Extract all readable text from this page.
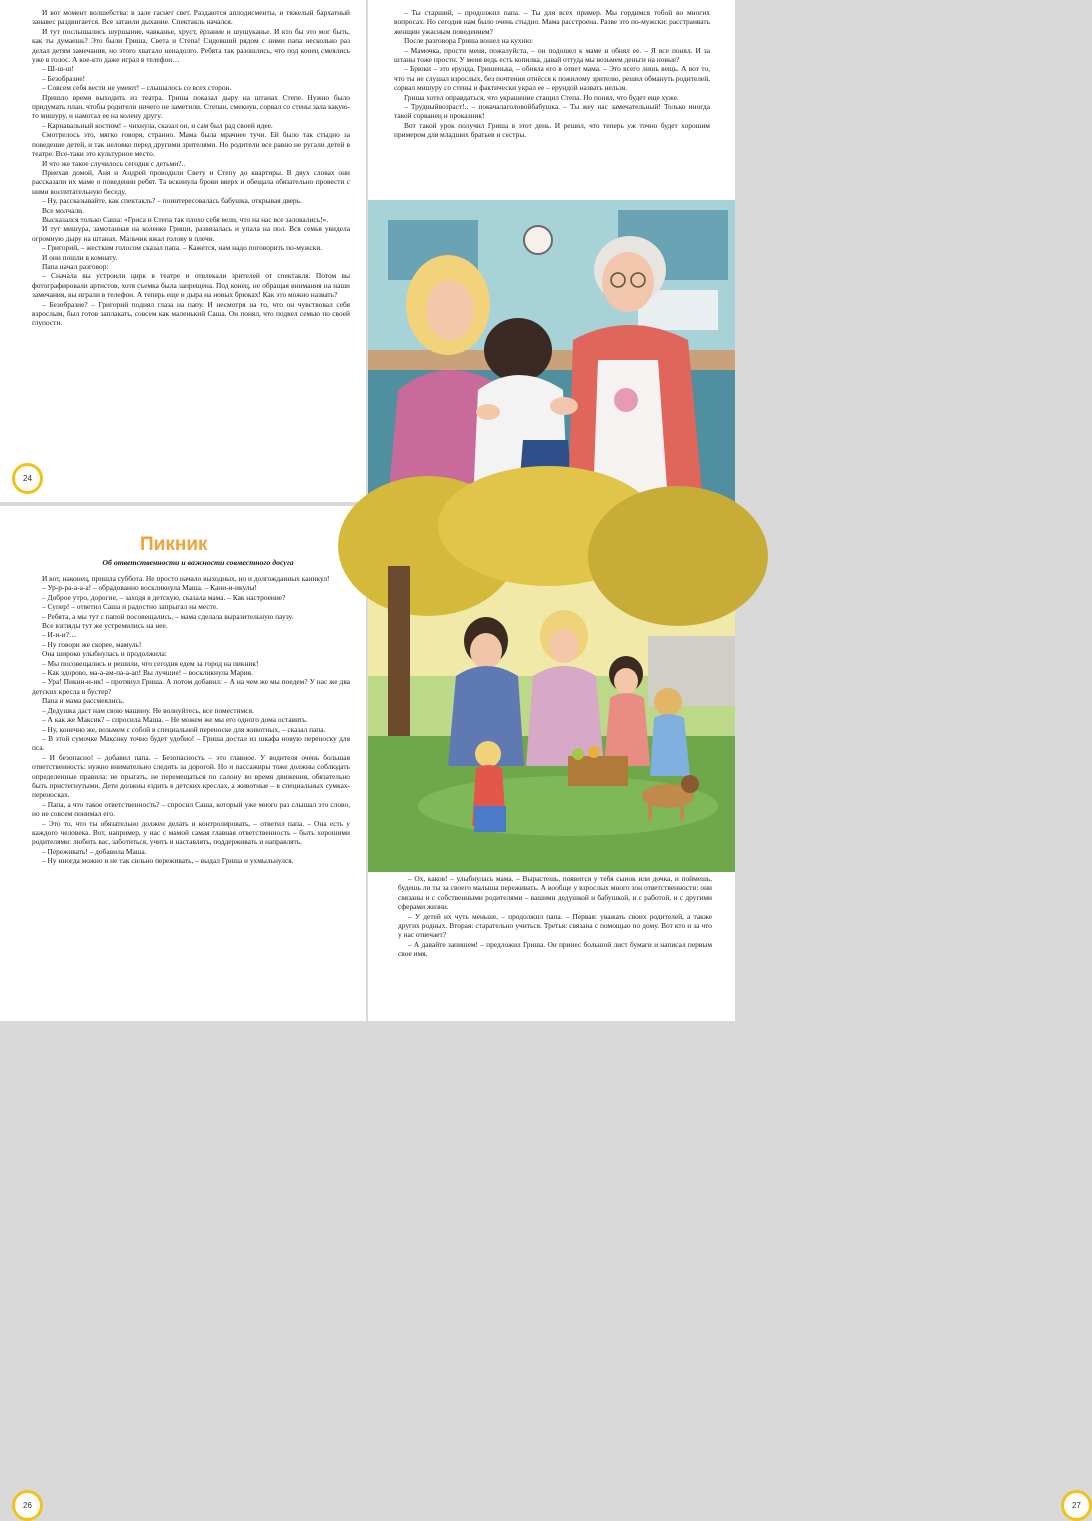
И вот момент волшебства: в зале гаснет свет. Раздаются аплодисменты, и тяжелый бархатный занавес раздвигается. Все затаили дыхание. Спектакль начался.

И тут послышались шуршание, чавканье, хруст, ёрзание и шушуканье. И кто бы это мог быть, как ты думаешь? Это были Гриша, Света и Степа! Сидевший рядом с ними папа несколько раз делал детям замечания, но этого хватало ненадолго. Ребята так разошлись, что под конец смеялись уже в голос. А кое-кто даже играл в телефон…

– Ш-ш-ш!

– Безобразие!

– Совсем себя вести не умеют! – слышалось со всех сторон.

Пришло время выходить из театра. Гриша показал дыру на штанах Степе. Нужно было придумать план, чтобы родители ничего не заметили. Степан, смекнув, сорвал со стены зала какую-то мишуру, и намотал ее на колену другу.

– Карнавальный костюм! – чихнула, сказал он, и сам был рад своей идее.

Смотрелось это, мягко говоря, странно. Мама была мрачнее тучи. Ей было так стыдно за поведение детей, и так неловко перед другими зрителями. Но родители все равно не ругали детей в театре. Все-таки это культурное место.

И что же такое случилось сегодня с детьми?..

Приехав домой, Аня и Андрей проводили Свету и Степу до квартиры. В двух словах они рассказали их маме о поведении ребят. Та вскинула брови вверх и обещала обязательно провести с ними воспитательную беседу.

– Ну, рассказывайте, как спектакль? – поинтересовалась бабушка, открывая дверь.

Все молчали.

Высказался только Саша: «Гриса и Степа так плохо себя вели, что на нас все заловались!».

И тут мишура, замотанная на коленке Гриши, развязалась и упала на пол. Вся семья увидела огромную дыру на штанах. Мальчик вжал голову в плечи.

– Григорий, – жестким голосом сказал папа. – Кажется, нам надо поговорить по-мужски.

И они пошли в комнату.

Папа начал разговор:

– Сначала вы устроили цирк в театре и отвлекали зрителей от спектакля. Потом вы фотографировали артистов, хотя съемка была запрещена. Под конец, не обращая внимания на наши замечания, вы играли в телефон. А теперь еще и дыра на новых брюках! Как это можно назвать?

– Безобразие? – Григорий поднял глаза на папу. И несмотря на то, что он чувствовал себя взрослым, был готов заплакать, совсем как маленький Саша. Он понял, что подвел семью по своей глупости.

24

– Ты старший, – продолжил папа. – Ты для всех пример. Мы гордимся тобой во многих вопросах. Но сегодня нам было очень стыдно. Мама расстроена. Разве это по-мужски: расстраивать женщин ужасным поведением?

После разговора Гриша вошел на кухню:

– Мамочка, прости меня, пожалуйста, – он подошел к маме и обнял ее. – Я все понял. И за штаны тоже прости. У меня ведь есть копилка, давай оттуда мы возьмем деньги на новые?

– Брюки – это ерунда, Гришенька, – обняла его в ответ мама. – Это всего лишь вещь. А вот то, что ты не слушал взрослых, без почтения отнёсся к пожилому зрителю, решил обмануть родителей, сорвал мишуру со стены и фактически украл ее – ерундой назвать нельзя.

Гриша хотел оправдаться, что украшение стащил Степа. Но понял, что будет еще хуже.

– Трудныйвозраст!.. – покачалаголовойбабушка. – Ты жеу нас замечательный! Только иногда такой сорванец и проказник!

Вот такой урок получил Гриша в этот день. И решил, что теперь уж точно будет хорошим примером для младших братьев и сестры.

Пикник
Об ответственности и важности совместного досуга

И вот, наконец, пришла суббота. Не просто начало выходных, но и долгожданных каникул!

– Ур-р-ра-а-а-а! – обрадованно воскликнула Маша. – Кани-и-икулы!

– Доброе утро, дорогие, – заходя в детскую, сказала мама. – Как настроение?

– Супер! – ответил Саша и радостно запрыгал на месте.

– Ребята, а мы тут с папой посовещались, – мама сделала выразительную паузу.

Все взгляды тут же устремились на нее.

– И-и-и?…

– Ну говори же скорее, мамуль!

Она широко улыбнулась и продолжила:

– Мы посовещались и решили, что сегодня едем за город на пикник!

– Как здорово, ма-а-ам-па-а-ап! Вы лучшие! – воскликнула Мария.

– Ура! Пикни-и-ик! – протянул Гриша. А потом добавил: – А на чем же мы поедем? У нас же два детских кресла и бустер?

Папа и мама рассмеялись.

– Дедушка даст нам свою машину. Не волнуйтесь, все поместимся.

– А как же Максик? – спросила Маша. – Не можем же мы его одного дома оставить.

– Ну, конечно же, возьмем с собой в специальной переноске для животных, – сказал папа.

– В этой сумочке Максику точно будет удобно! – Гриша достал из шкафа новую переноску для пса.

– И безопасно! – добавил папа. – Безопасность – это главное. У водителя очень большая ответственность: нужно внимательно следить за дорогой. Но и пассажиры тоже должны соблюдать определенные правила: не прыгать, не перемещаться по салону во время движения, обязательно быть пристегнутыми. Дети должны ездить в детских креслах, а животные – в специальных сумках-переносках.

– Папа, а что такое ответственность? – спросил Саша, который уже много раз слышал это слово, но не совсем понимал его.

– Это то, что ты обязательно должен делать и контролировать, – ответил папа. – Она есть у каждого человека. Вот, например, у нас с мамой самая главная ответственность – быть хорошими родителями: любить вас, заботиться, учить и наставлять, поддерживать и направлять.

– Переживать! – добавила Маша.

– Ну иногда можно и не так сильно переживать, – выдал Гриша и ухмыльнулся.

26

– Ох, каков! – улыбнулась мама. – Вырастешь, появится у тебя сынок или дочка, и поймешь, будешь ли ты за своего малыша переживать. А вообще у взрослых много зон ответственности: они связаны и с собственными родителями – вашими дедушкой и бабушкой, и с работой, и с другими сферами жизни.

– У детей их чуть меньше, – продолжил папа. – Первая: уважать своих родителей, а также других родных. Вторая: старательно учиться. Третья: связана с помощью по дому. Вот кто и за что у нас отвечает?

– А давайте запишем! – предложил Гриша. Он принес большой лист бумаги и написал первым свое имя.

27
